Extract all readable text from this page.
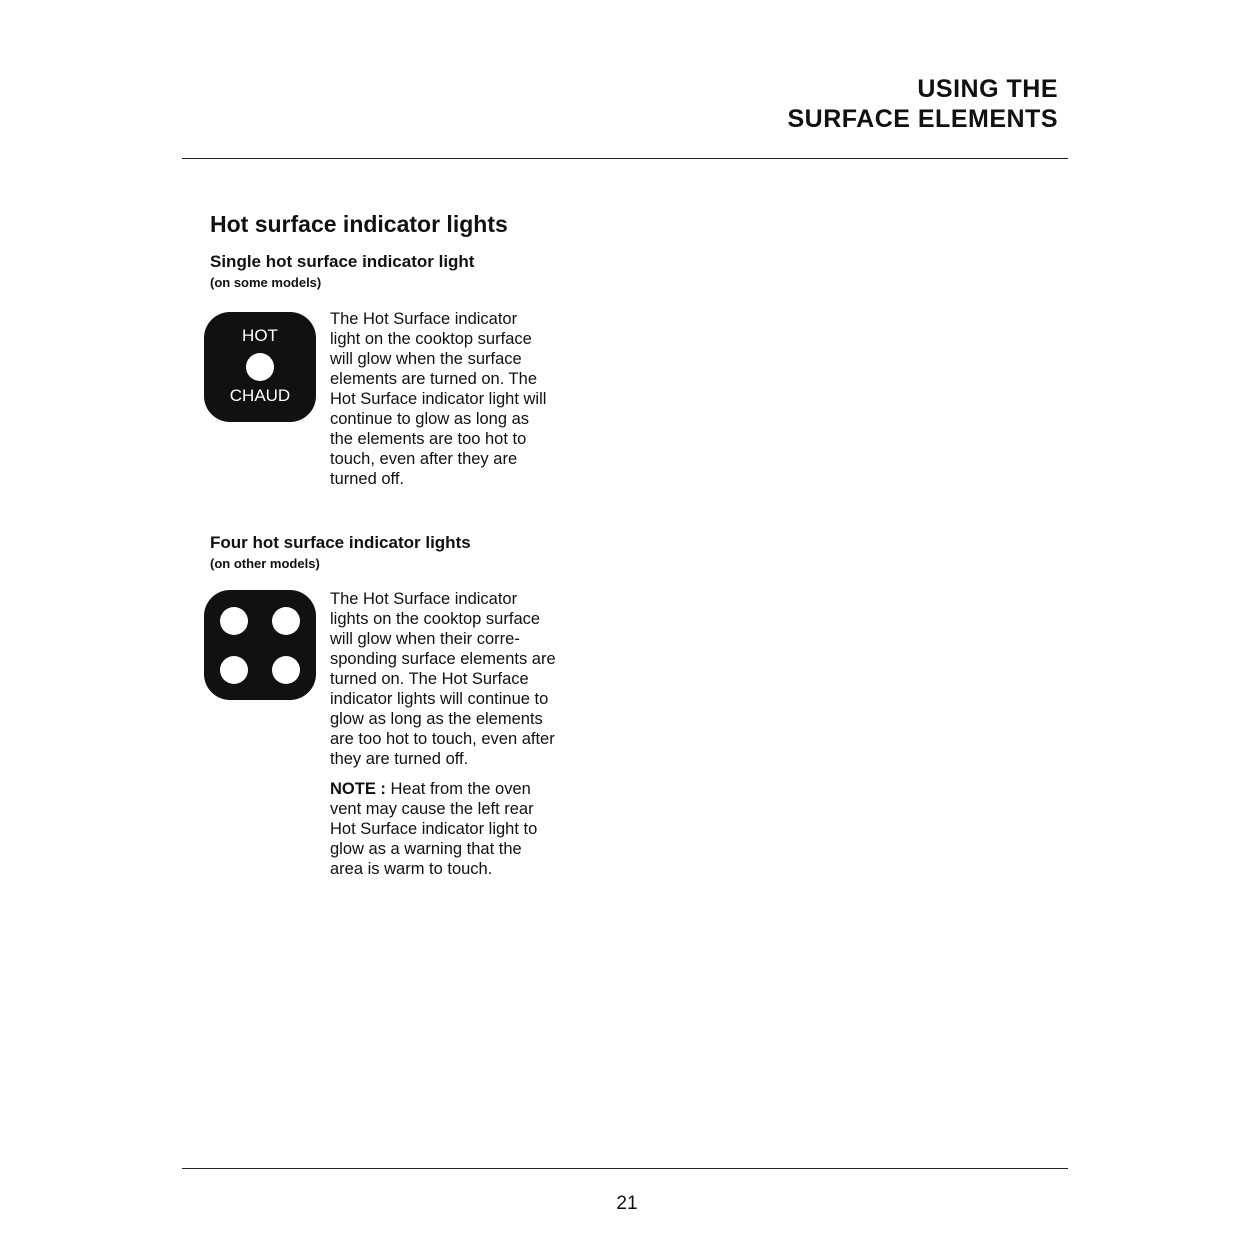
USING THE
SURFACE ELEMENTS
Hot surface indicator lights
Single hot surface indicator light

(on some models)

HOT
CHAUD

The Hot Surface indicator
light on the cooktop surface
will glow when the surface
elements are turned on. The
Hot Surface indicator light will
continue to glow as long as
the elements are too hot to
touch, even after they are
turned off.

Four hot surface indicator lights

(on other models)

The Hot Surface indicator
lights on the cooktop surface
will glow when their corre-
sponding surface elements are
turned on. The Hot Surface
indicator lights will continue to
glow as long as the elements
are too hot to touch, even after
they are turned off.

NOTE : Heat from the oven
vent may cause the left rear
Hot Surface indicator light to
glow as a warning that the
area is warm to touch.

21
